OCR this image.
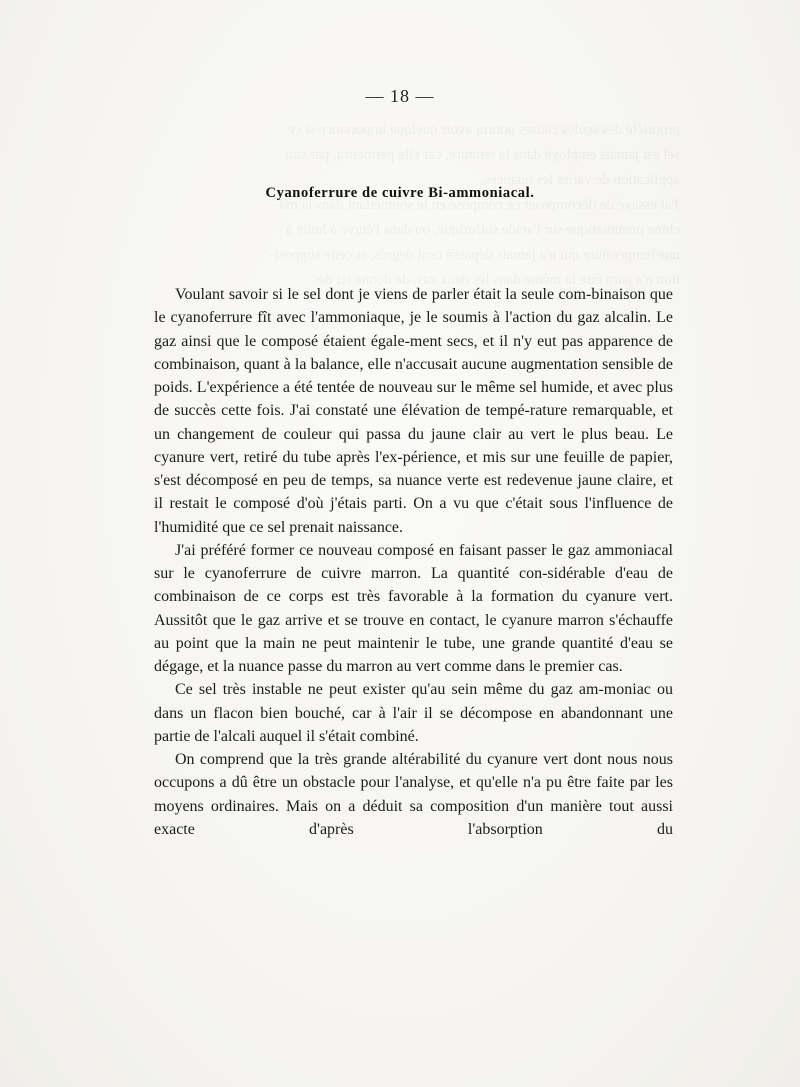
propriété des seules causes pourra avoir quelque importance si ce
sel est jamais employé dans la teinture, car elle permettra, par suit
application de varier les nuances.
J'ai essayé de décomposer ce composé en le soumettant dans la ma-
chine pneumatique sur l'acide sulfurique, ou dans l'étuve à huile à
une température qui n'a jamais dépassé cent degrés, et cette supposi-
tion n'a paru être la même dans les deux cas, de donne ici des
— 18 —
Cyanoferrure de cuivre Bi-ammoniacal.

Voulant savoir si le sel dont je viens de parler était la seule com-binaison que le cyanoferrure fît avec l'ammoniaque, je le soumis à l'action du gaz alcalin. Le gaz ainsi que le composé étaient égale-ment secs, et il n'y eut pas apparence de combinaison, quant à la balance, elle n'accusait aucune augmentation sensible de poids. L'expérience a été tentée de nouveau sur le même sel humide, et avec plus de succès cette fois. J'ai constaté une élévation de tempé-rature remarquable, et un changement de couleur qui passa du jaune clair au vert le plus beau. Le cyanure vert, retiré du tube après l'ex-périence, et mis sur une feuille de papier, s'est décomposé en peu de temps, sa nuance verte est redevenue jaune claire, et il restait le composé d'où j'étais parti. On a vu que c'était sous l'influence de l'humidité que ce sel prenait naissance.

J'ai préféré former ce nouveau composé en faisant passer le gaz ammoniacal sur le cyanoferrure de cuivre marron. La quantité con-sidérable d'eau de combinaison de ce corps est très favorable à la formation du cyanure vert. Aussitôt que le gaz arrive et se trouve en contact, le cyanure marron s'échauffe au point que la main ne peut maintenir le tube, une grande quantité d'eau se dégage, et la nuance passe du marron au vert comme dans le premier cas.

Ce sel très instable ne peut exister qu'au sein même du gaz am-moniac ou dans un flacon bien bouché, car à l'air il se décompose en abandonnant une partie de l'alcali auquel il s'était combiné.

On comprend que la très grande altérabilité du cyanure vert dont nous nous occupons a dû être un obstacle pour l'analyse, et qu'elle n'a pu être faite par les moyens ordinaires. Mais on a déduit sa composition d'un manière tout aussi exacte d'après l'absorption du
